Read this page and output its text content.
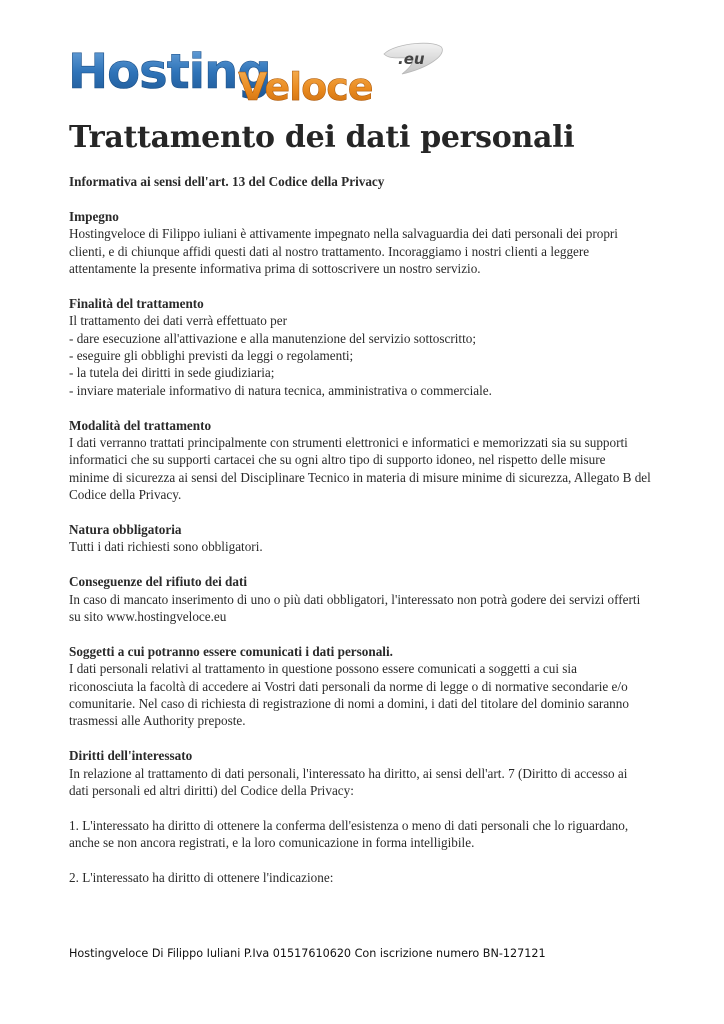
.eu
Hosting
Veloce
Trattamento dei dati personali

Informativa ai sensi dell'art. 13 del Codice della Privacy

Impegno

Hostingveloce di Filippo iuliani è attivamente impegnato nella salvaguardia dei dati personali dei propri
clienti, e di chiunque affidi questi dati al nostro trattamento. Incoraggiamo i nostri clienti a leggere
attentamente la presente informativa prima di sottoscrivere un nostro servizio.

Finalità del trattamento

Il trattamento dei dati verrà effettuato per
- dare esecuzione all'attivazione e alla manutenzione del servizio sottoscritto;
- eseguire gli obblighi previsti da leggi o regolamenti;
- la tutela dei diritti in sede giudiziaria;
- inviare materiale informativo di natura tecnica, amministrativa o commerciale.

Modalità del trattamento

I dati verranno trattati principalmente con strumenti elettronici e informatici e memorizzati sia su supporti
informatici che su supporti cartacei che su ogni altro tipo di supporto idoneo, nel rispetto delle misure
minime di sicurezza ai sensi del Disciplinare Tecnico in materia di misure minime di sicurezza, Allegato B del
Codice della Privacy.

Natura obbligatoria

Tutti i dati richiesti sono obbligatori.

Conseguenze del rifiuto dei dati

In caso di mancato inserimento di uno o più dati obbligatori, l'interessato non potrà godere dei servizi offerti
su sito www.hostingveloce.eu

Soggetti a cui potranno essere comunicati i dati personali.

I dati personali relativi al trattamento in questione possono essere comunicati a soggetti a cui sia
riconosciuta la facoltà di accedere ai Vostri dati personali da norme di legge o di normative secondarie e/o
comunitarie. Nel caso di richiesta di registrazione di nomi a domini, i dati del titolare del dominio saranno
trasmessi alle Authority preposte.

Diritti dell'interessato

In relazione al trattamento di dati personali, l'interessato ha diritto, ai sensi dell'art. 7 (Diritto di accesso ai
dati personali ed altri diritti) del Codice della Privacy:
1. L'interessato ha diritto di ottenere la conferma dell'esistenza o meno di dati personali che lo riguardano,
anche se non ancora registrati, e la loro comunicazione in forma intelligibile.
2. L'interessato ha diritto di ottenere l'indicazione:
Hostingveloce Di Filippo Iuliani P.Iva 01517610620 Con iscrizione numero BN-127121
